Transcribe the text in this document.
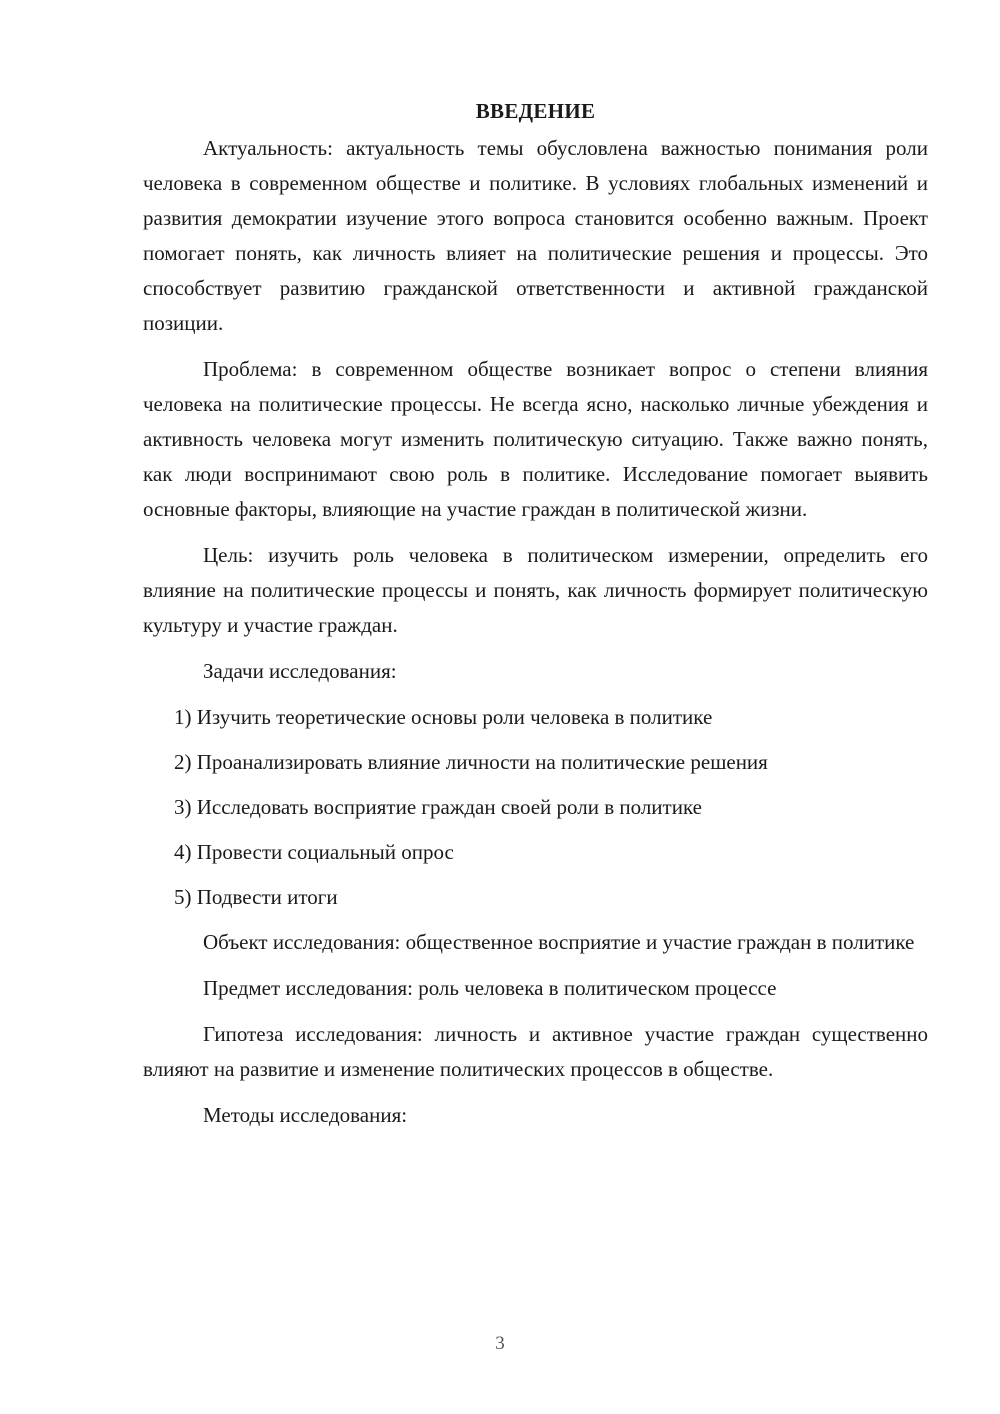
ВВЕДЕНИЕ

Актуальность: актуальность темы обусловлена важностью понимания роли человека в современном обществе и политике. В условиях глобальных изменений и развития демократии изучение этого вопроса становится особенно важным. Проект помогает понять, как личность влияет на политические решения и процессы. Это способствует развитию гражданской ответственности и активной гражданской позиции.

Проблема: в современном обществе возникает вопрос о степени влияния человека на политические процессы. Не всегда ясно, насколько личные убеждения и активность человека могут изменить политическую ситуацию. Также важно понять, как люди воспринимают свою роль в политике. Исследование помогает выявить основные факторы, влияющие на участие граждан в политической жизни.

Цель: изучить роль человека в политическом измерении, определить его влияние на политические процессы и понять, как личность формирует политическую культуру и участие граждан.

Задачи исследования:

1) Изучить теоретические основы роли человека в политике

2) Проанализировать влияние личности на политические решения

3) Исследовать восприятие граждан своей роли в политике

4) Провести социальный опрос

5) Подвести итоги

Объект исследования: общественное восприятие и участие граждан в политике

Предмет исследования: роль человека в политическом процессе

Гипотеза исследования: личность и активное участие граждан существенно влияют на развитие и изменение политических процессов в обществе.

Методы исследования:

3
